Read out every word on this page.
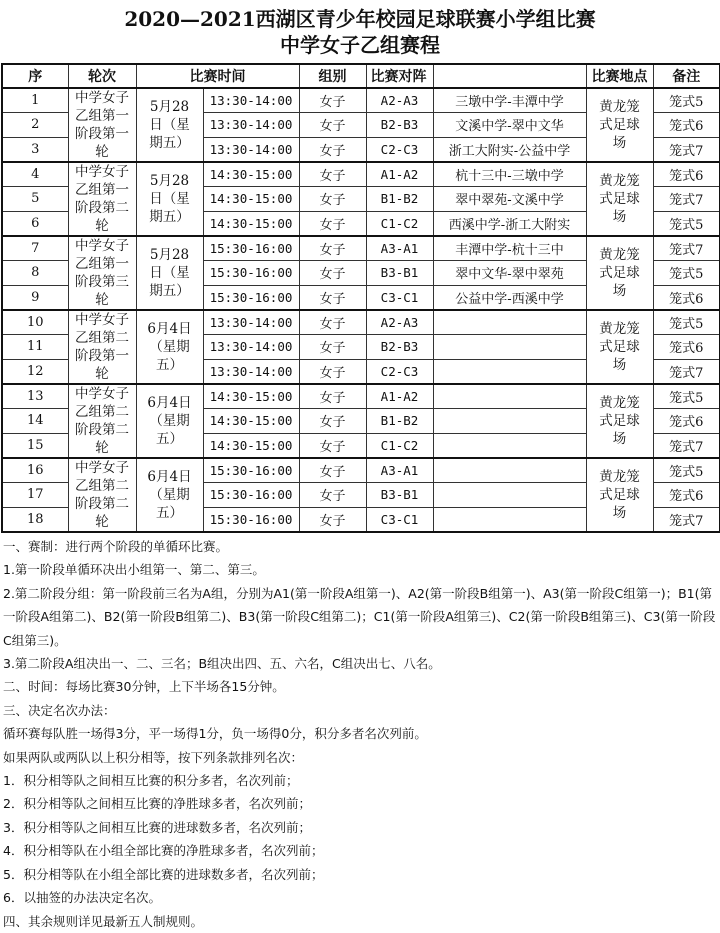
2020—2021西湖区青少年校园足球联赛小学组比赛
中学女子乙组赛程
序	轮次	比赛时间		组别	比赛对阵		比赛地点	备注
1	中学女子乙组第一阶段第一轮	5月28日（星期五）	13:30-14:00	女子	A2-A3	三墩中学-丰潭中学	黄龙笼式足球场	笼式5
2			13:30-14:00	女子	B2-B3	文溪中学-翠中文华		笼式6
3			13:30-14:00	女子	C2-C3	浙工大附实-公益中学		笼式7
4	中学女子乙组第一阶段第二轮	5月28日（星期五）	14:30-15:00	女子	A1-A2	杭十三中-三墩中学	黄龙笼式足球场	笼式6
5			14:30-15:00	女子	B1-B2	翠中翠苑-文溪中学		笼式7
6			14:30-15:00	女子	C1-C2	西溪中学-浙工大附实		笼式5
7	中学女子乙组第一阶段第三轮	5月28日（星期五）	15:30-16:00	女子	A3-A1	丰潭中学-杭十三中	黄龙笼式足球场	笼式7
8			15:30-16:00	女子	B3-B1	翠中文华-翠中翠苑		笼式5
9			15:30-16:00	女子	C3-C1	公益中学-西溪中学		笼式6
10	中学女子乙组第二阶段第一轮	6月4日（星期五）	13:30-14:00	女子	A2-A3		黄龙笼式足球场	笼式5
11			13:30-14:00	女子	B2-B3			笼式6
12			13:30-14:00	女子	C2-C3			笼式7
13	中学女子乙组第二阶段第二轮	6月4日（星期五）	14:30-15:00	女子	A1-A2		黄龙笼式足球场	笼式5
14			14:30-15:00	女子	B1-B2			笼式6
15			14:30-15:00	女子	C1-C2			笼式7
16	中学女子乙组第二阶段第二轮	6月4日（星期五）	15:30-16:00	女子	A3-A1		黄龙笼式足球场	笼式5
17			15:30-16:00	女子	B3-B1			笼式6
18			15:30-16:00	女子	C3-C1			笼式7
一、赛制：进行两个阶段的单循环比赛。
1.第一阶段单循环决出小组第一、第二、第三。
2.第二阶段分组：第一阶段前三名为A组，分别为A1(第一阶段A组第一)、A2(第一阶段B组第一)、A3(第一阶段C组第一)；B1(第一阶段A组第二)、B2(第一阶段B组第二)、B3(第一阶段C组第二)；C1(第一阶段A组第三)、C2(第一阶段B组第三)、C3(第一阶段C组第三)。
3.第二阶段A组决出一、二、三名；B组决出四、五、六名，C组决出七、八名。
二、时间：每场比赛30分钟，上下半场各15分钟。
三、决定名次办法：
循环赛每队胜一场得3分，平一场得1分，负一场得0分，积分多者名次列前。
如果两队或两队以上积分相等，按下列条款排列名次：
1．积分相等队之间相互比赛的积分多者，名次列前；
2．积分相等队之间相互比赛的净胜球多者，名次列前；
3．积分相等队之间相互比赛的进球数多者，名次列前；
4．积分相等队在小组全部比赛的净胜球多者，名次列前；
5．积分相等队在小组全部比赛的进球数多者，名次列前；
6．以抽签的办法决定名次。
四、其余规则详见最新五人制规则。
